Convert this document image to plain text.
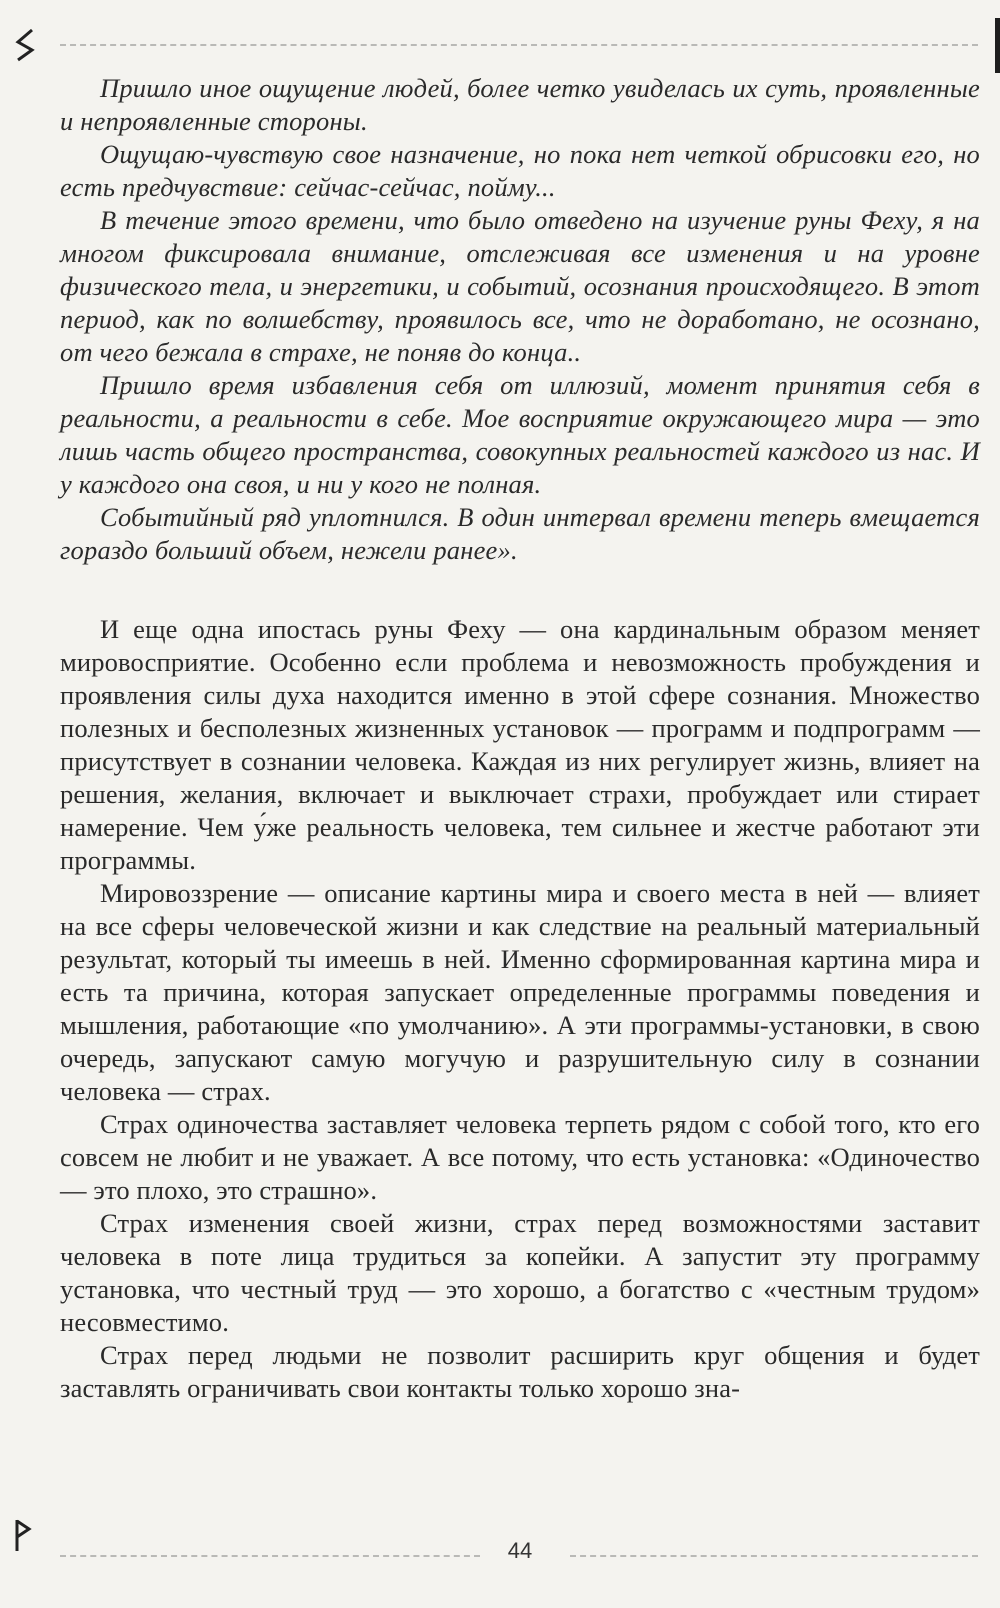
Пришло иное ощущение людей, более четко увиделась их суть, проявленные и непроявленные стороны.

Ощущаю-чувствую свое назначение, но пока нет четкой обрисовки его, но есть предчувствие: сейчас-сейчас, пойму...

В течение этого времени, что было отведено на изучение руны Феху, я на многом фиксировала внимание, отслеживая все изменения и на уровне физического тела, и энергетики, и событий, осознания происходящего. В этот период, как по волшебству, проявилось все, что не доработано, не осознано, от чего бежала в страхе, не поняв до конца..

Пришло время избавления себя от иллюзий, момент принятия себя в реальности, а реальности в себе. Мое восприятие окружающего мира — это лишь часть общего пространства, совокупных реальностей каждого из нас. И у каждого она своя, и ни у кого не полная.

Событийный ряд уплотнился. В один интервал времени теперь вмещается гораздо больший объем, нежели ранее».

И еще одна ипостась руны Феху — она кардинальным образом меняет мировосприятие. Особенно если проблема и невозможность пробуждения и проявления силы духа находится именно в этой сфере сознания. Множество полезных и бесполезных жизненных установок — программ и подпрограмм — присутствует в сознании человека. Каждая из них регулирует жизнь, влияет на решения, желания, включает и выключает страхи, пробуждает или стирает намерение. Чем у́же реальность человека, тем сильнее и жестче работают эти программы.

Мировоззрение — описание картины мира и своего места в ней — влияет на все сферы человеческой жизни и как следствие на реальный материальный результат, который ты имеешь в ней. Именно сформированная картина мира и есть та причина, которая запускает определенные программы поведения и мышления, работающие «по умолчанию». А эти программы-установки, в свою очередь, запускают самую могучую и разрушительную силу в сознании человека — страх.

Страх одиночества заставляет человека терпеть рядом с собой того, кто его совсем не любит и не уважает. А все потому, что есть установка: «Одиночество — это плохо, это страшно».

Страх изменения своей жизни, страх перед возможностями заставит человека в поте лица трудиться за копейки. А запустит эту программу установка, что честный труд — это хорошо, а богатство с «честным трудом» несовместимо.

Страх перед людьми не позволит расширить круг общения и будет заставлять ограничивать свои контакты только хорошо зна-

44
